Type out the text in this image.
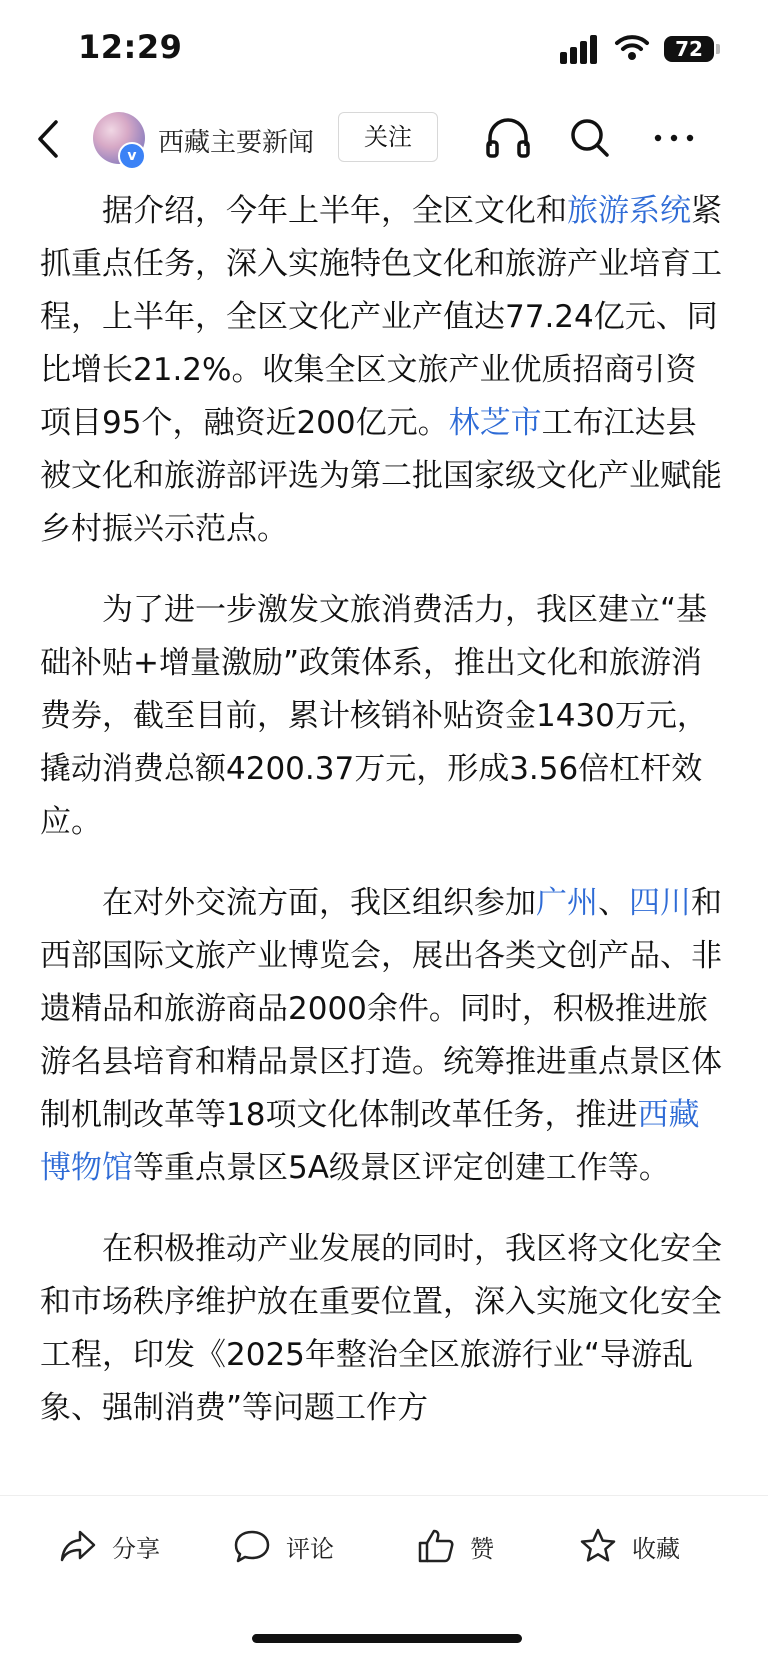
12:29	72
v 西藏主要新闻	关注

据介绍，今年上半年，全区文化和旅游系统紧抓重点任务，深入实施特色文化和旅游产业培育工程，上半年，全区文化产业产值达77.24亿元、同比增长21.2%。收集全区文旅产业优质招商引资项目95个，融资近200亿元。林芝市工布江达县被文化和旅游部评选为第二批国家级文化产业赋能乡村振兴示范点。

为了进一步激发文旅消费活力，我区建立“基础补贴+增量激励”政策体系，推出文化和旅游消费券，截至目前，累计核销补贴资金1430万元，撬动消费总额4200.37万元，形成3.56倍杠杆效应。

在对外交流方面，我区组织参加广州、四川和西部国际文旅产业博览会，展出各类文创产品、非遗精品和旅游商品2000余件。同时，积极推进旅游名县培育和精品景区打造。统筹推进重点景区体制机制改革等18项文化体制改革任务，推进西藏博物馆等重点景区5A级景区评定创建工作等。

在积极推动产业发展的同时，我区将文化安全和市场秩序维护放在重要位置，深入实施文化安全工程，印发《2025年整治全区旅游行业“导游乱象、强制消费”等问题工作方

分享	评论	赞	收藏
